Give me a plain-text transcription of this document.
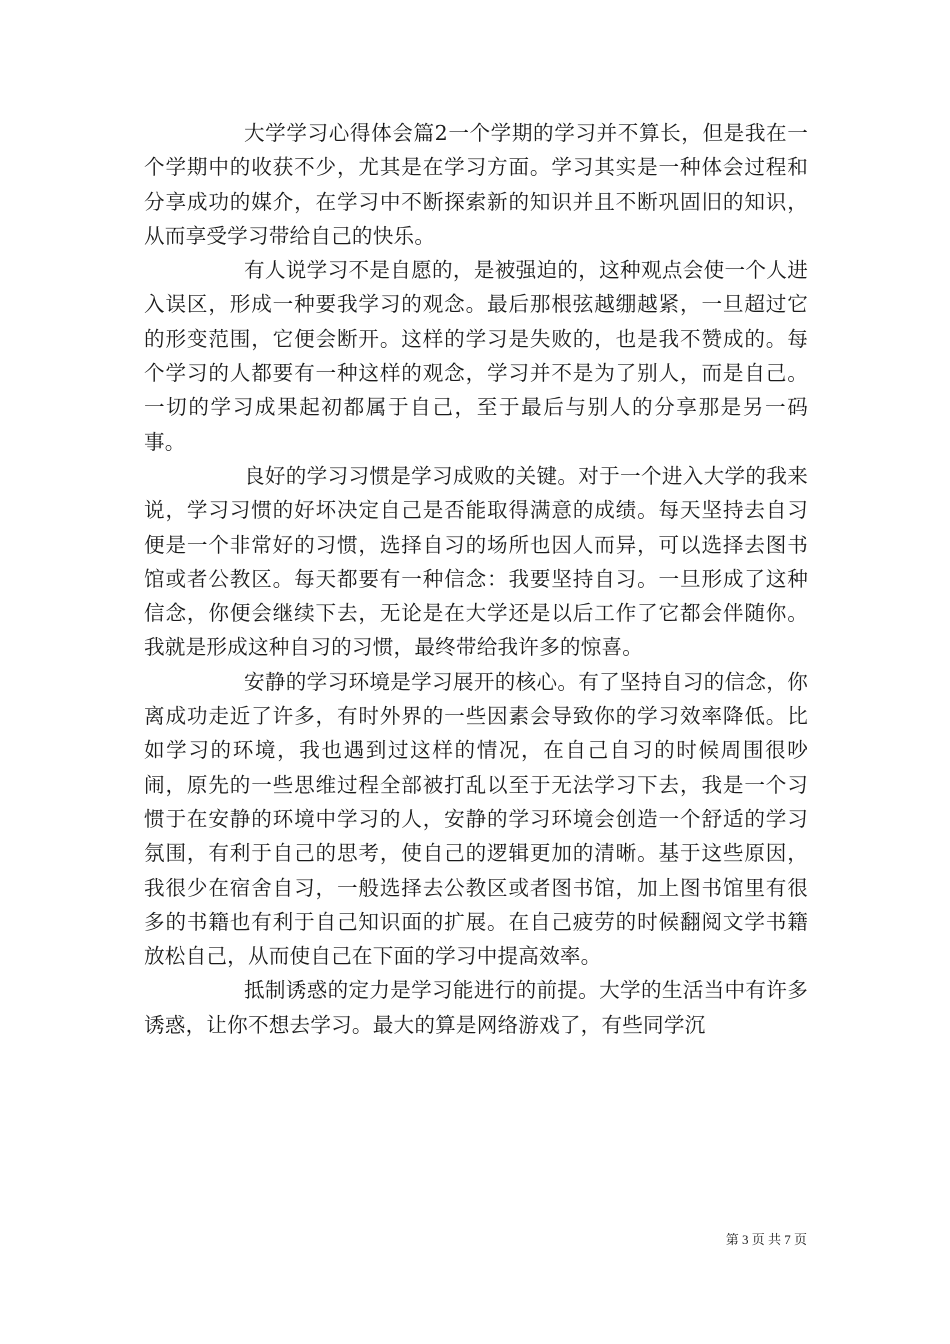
大学学习心得体会篇2一个学期的学习并不算长，但是我在一个学期中的收获不少，尤其是在学习方面。学习其实是一种体会过程和分享成功的媒介，在学习中不断探索新的知识并且不断巩固旧的知识，从而享受学习带给自己的快乐。

有人说学习不是自愿的，是被强迫的，这种观点会使一个人进入误区，形成一种要我学习的观念。最后那根弦越绷越紧，一旦超过它的形变范围，它便会断开。这样的学习是失败的，也是我不赞成的。每个学习的人都要有一种这样的观念，学习并不是为了别人，而是自己。一切的学习成果起初都属于自己，至于最后与别人的分享那是另一码事。

良好的学习习惯是学习成败的关键。对于一个进入大学的我来说，学习习惯的好坏决定自己是否能取得满意的成绩。每天坚持去自习便是一个非常好的习惯，选择自习的场所也因人而异，可以选择去图书馆或者公教区。每天都要有一种信念：我要坚持自习。一旦形成了这种信念，你便会继续下去，无论是在大学还是以后工作了它都会伴随你。我就是形成这种自习的习惯，最终带给我许多的惊喜。

安静的学习环境是学习展开的核心。有了坚持自习的信念，你离成功走近了许多，有时外界的一些因素会导致你的学习效率降低。比如学习的环境，我也遇到过这样的情况，在自己自习的时候周围很吵闹，原先的一些思维过程全部被打乱以至于无法学习下去，我是一个习惯于在安静的环境中学习的人，安静的学习环境会创造一个舒适的学习氛围，有利于自己的思考，使自己的逻辑更加的清晰。基于这些原因，我很少在宿舍自习，一般选择去公教区或者图书馆，加上图书馆里有很多的书籍也有利于自己知识面的扩展。在自己疲劳的时候翻阅文学书籍放松自己，从而使自己在下面的学习中提高效率。

抵制诱惑的定力是学习能进行的前提。大学的生活当中有许多诱惑，让你不想去学习。最大的算是网络游戏了，有些同学沉

第 3 页 共 7 页
